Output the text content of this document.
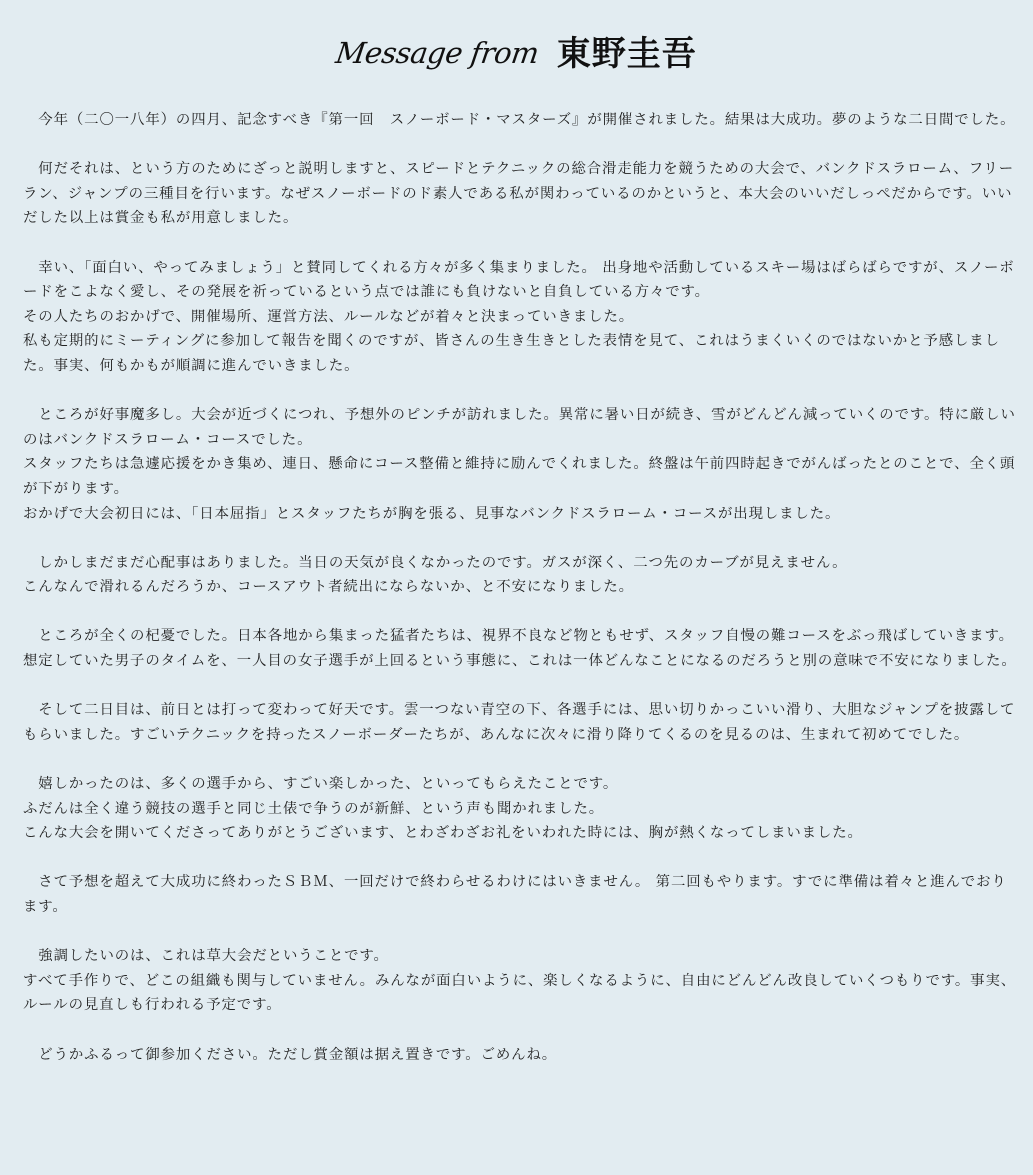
Message from 東野圭吾

　今年（二〇一八年）の四月、記念すべき『第一回　スノーボード・マスターズ』が開催されました。結果は大成功。夢のような二日間でした。

　何だそれは、という方のためにざっと説明しますと、スピードとテクニックの総合滑走能力を競うための大会で、バンクドスラローム、フリーラン、ジャンプの三種目を行います。なぜスノーボードのド素人である私が関わっているのかというと、本大会のいいだしっぺだからです。いいだした以上は賞金も私が用意しました。

　幸い、「面白い、やってみましょう」と賛同してくれる方々が多く集まりました。 出身地や活動しているスキー場はばらばらですが、スノーボードをこよなく愛し、その発展を祈っているという点では誰にも負けないと自負している方々です。
その人たちのおかげで、開催場所、運営方法、ルールなどが着々と決まっていきました。
私も定期的にミーティングに参加して報告を聞くのですが、皆さんの生き生きとした表情を見て、これはうまくいくのではないかと予感しました。事実、何もかもが順調に進んでいきました。

　ところが好事魔多し。大会が近づくにつれ、予想外のピンチが訪れました。異常に暑い日が続き、雪がどんどん減っていくのです。特に厳しいのはバンクドスラローム・コースでした。
スタッフたちは急遽応援をかき集め、連日、懸命にコース整備と維持に励んでくれました。終盤は午前四時起きでがんばったとのことで、全く頭が下がります。
おかげで大会初日には、「日本屈指」とスタッフたちが胸を張る、見事なバンクドスラローム・コースが出現しました。

　しかしまだまだ心配事はありました。当日の天気が良くなかったのです。ガスが深く、二つ先のカーブが見えません。
こんなんで滑れるんだろうか、コースアウト者続出にならないか、と不安になりました。

　ところが全くの杞憂でした。日本各地から集まった猛者たちは、視界不良など物ともせず、スタッフ自慢の難コースをぶっ飛ばしていきます。
想定していた男子のタイムを、一人目の女子選手が上回るという事態に、これは一体どんなことになるのだろうと別の意味で不安になりました。

　そして二日目は、前日とは打って変わって好天です。雲一つない青空の下、各選手には、思い切りかっこいい滑り、大胆なジャンプを披露してもらいました。すごいテクニックを持ったスノーボーダーたちが、あんなに次々に滑り降りてくるのを見るのは、生まれて初めてでした。

　嬉しかったのは、多くの選手から、すごい楽しかった、といってもらえたことです。
ふだんは全く違う競技の選手と同じ土俵で争うのが新鮮、という声も聞かれました。
こんな大会を開いてくださってありがとうございます、とわざわざお礼をいわれた時には、胸が熱くなってしまいました。

　さて予想を超えて大成功に終わったＳＢＭ、一回だけで終わらせるわけにはいきません。 第二回もやります。すでに準備は着々と進んでおります。

　強調したいのは、これは草大会だということです。
すべて手作りで、どこの組織も関与していません。みんなが面白いように、楽しくなるように、自由にどんどん改良していくつもりです。事実、ルールの見直しも行われる予定です。

　どうかふるって御参加ください。ただし賞金額は据え置きです。ごめんね。
